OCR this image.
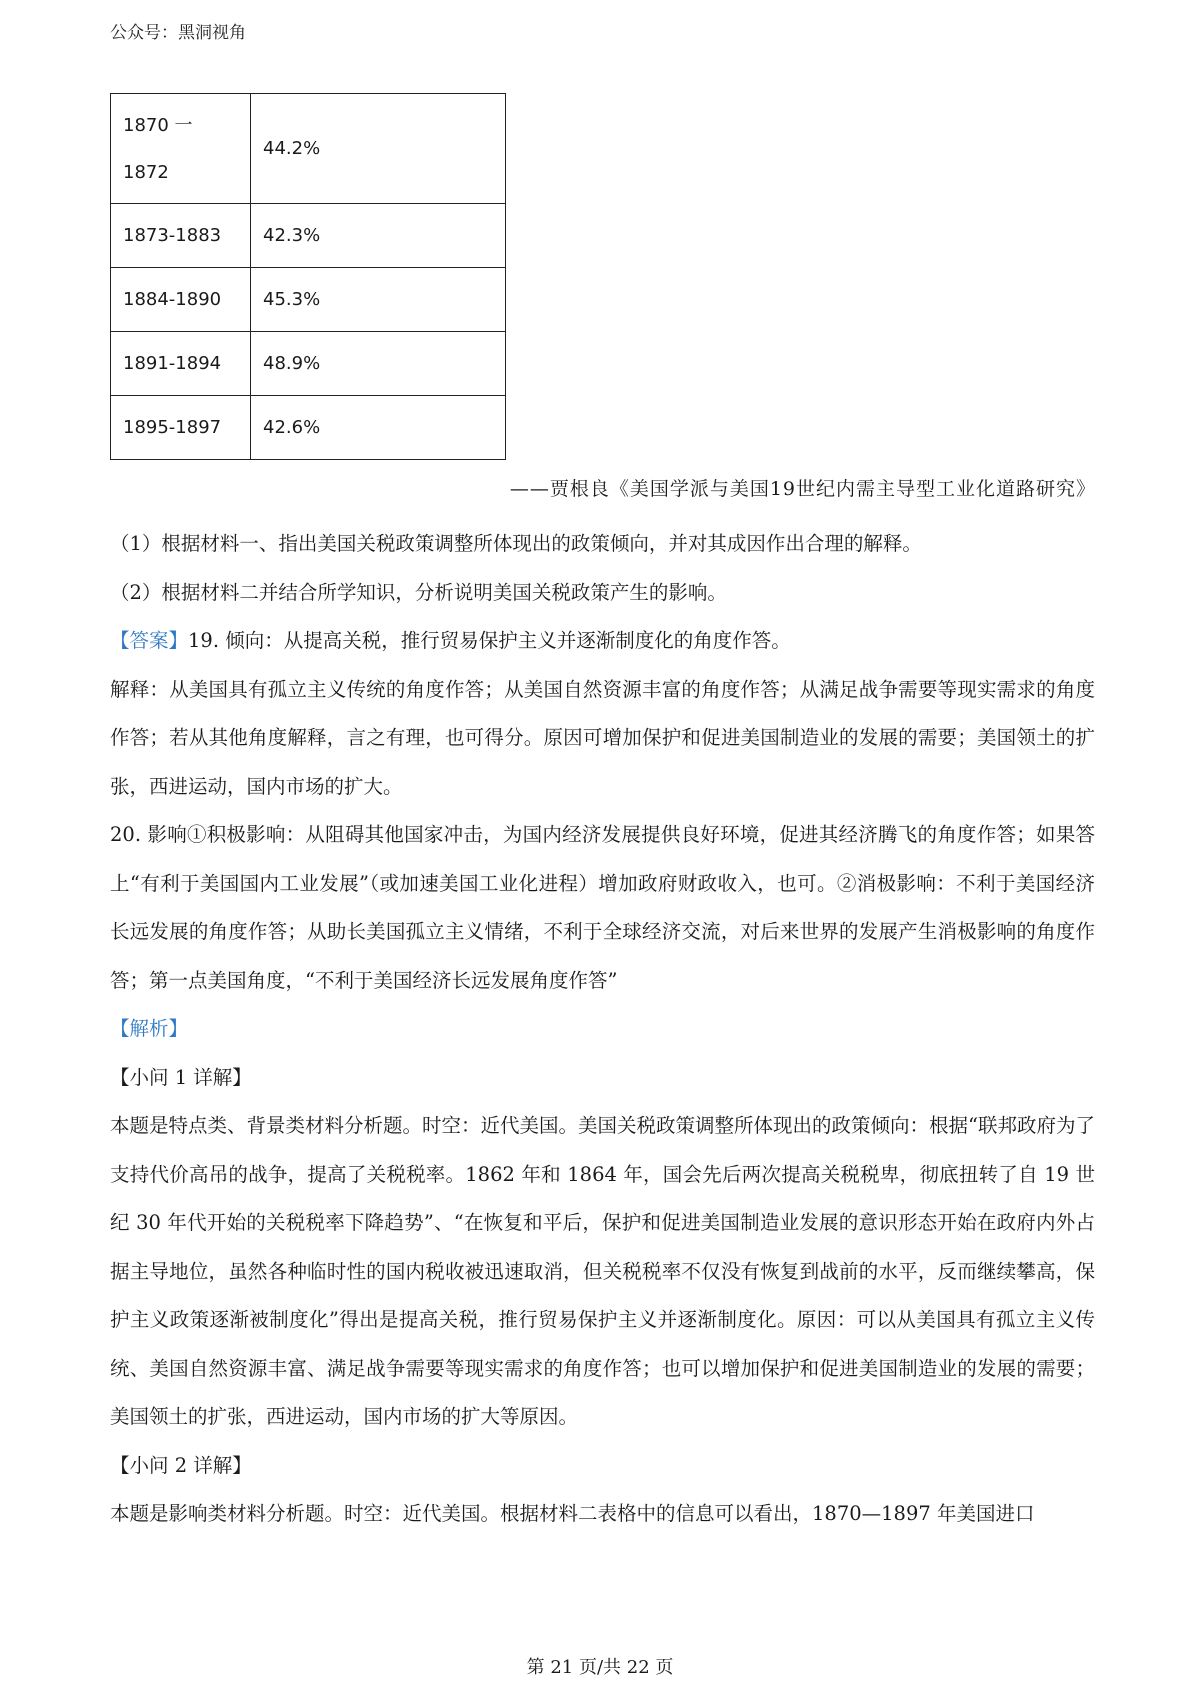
公众号：黑洞视角
1870 一
1872	44.2%
1873-1883	42.3%
1884-1890	45.3%
1891-1894	48.9%
1895-1897	42.6%
——贾根良《美国学派与美国19世纪内需主导型工业化道路研究》

（1）根据材料一、指出美国关税政策调整所体现出的政策倾向，并对其成因作出合理的解释。

（2）根据材料二并结合所学知识，分析说明美国关税政策产生的影响。

【答案】19. 倾向：从提高关税，推行贸易保护主义并逐渐制度化的角度作答。

解释：从美国具有孤立主义传统的角度作答；从美国自然资源丰富的角度作答；从满足战争需要等现实需求的角度作答；若从其他角度解释，言之有理，也可得分。原因可增加保护和促进美国制造业的发展的需要；美国领土的扩张，西进运动，国内市场的扩大。

20. 影响①积极影响：从阻碍其他国家冲击，为国内经济发展提供良好环境，促进其经济腾飞的角度作答；如果答上“有利于美国国内工业发展”（或加速美国工业化进程）增加政府财政收入，也可。②消极影响：不利于美国经济长远发展的角度作答；从助长美国孤立主义情绪，不利于全球经济交流，对后来世界的发展产生消极影响的角度作答；第一点美国角度，“不利于美国经济长远发展角度作答”

【解析】

【小问 1 详解】

本题是特点类、背景类材料分析题。时空：近代美国。美国关税政策调整所体现出的政策倾向：根据“联邦政府为了支持代价高吊的战争，提高了关税税率。1862 年和 1864 年，国会先后两次提高关税税卑，彻底扭转了自 19 世纪 30 年代开始的关税税率下降趋势”、“在恢复和平后，保护和促进美国制造业发展的意识形态开始在政府内外占据主导地位，虽然各种临时性的国内税收被迅速取消，但关税税率不仅没有恢复到战前的水平，反而继续攀高，保护主义政策逐渐被制度化”得出是提高关税，推行贸易保护主义并逐渐制度化。原因：可以从美国具有孤立主义传统、美国自然资源丰富、满足战争需要等现实需求的角度作答；也可以增加保护和促进美国制造业的发展的需要；美国领土的扩张，西进运动，国内市场的扩大等原因。

【小问 2 详解】

本题是影响类材料分析题。时空：近代美国。根据材料二表格中的信息可以看出，1870—1897 年美国进口

第 21 页/共 22 页
